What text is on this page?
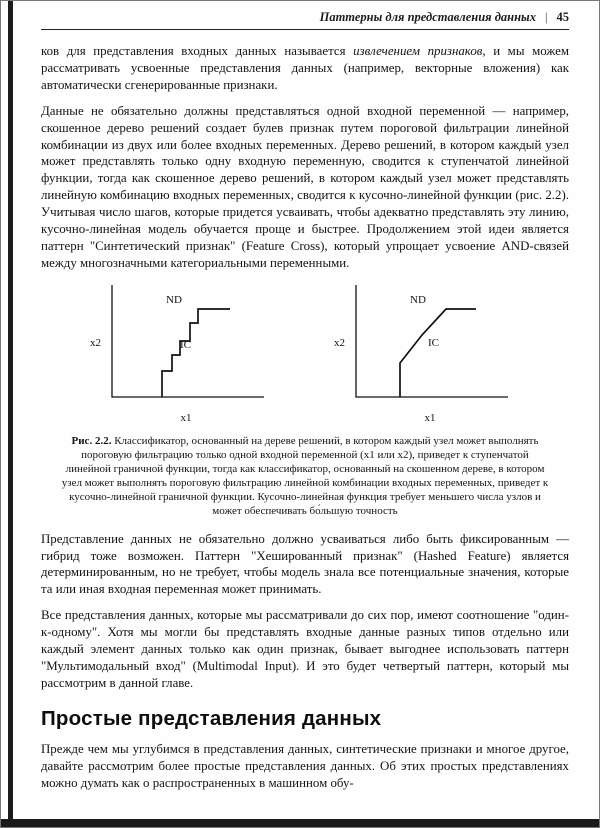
Паттерны для представления данных | 45

ков для представления входных данных называется извлечением признаков, и мы можем рассматривать усвоенные представления данных (например, векторные вложения) как автоматически сгенерированные признаки.

Данные не обязательно должны представляться одной входной переменной — например, скошенное дерево решений создает булев признак путем пороговой фильтрации линейной комбинации из двух или более входных переменных. Дерево решений, в котором каждый узел может представлять только одну входную переменную, сводится к ступенчатой линейной функции, тогда как скошенное дерево решений, в котором каждый узел может представлять линейную комбинацию входных переменных, сводится к кусочно-линейной функции (рис. 2.2). Учитывая число шагов, которые придется усваивать, чтобы адекватно представлять эту линию, кусочно-линейная модель обучается проще и быстрее. Продолжением этой идеи является паттерн "Синтетический признак" (Feature Cross), который упрощает усвоение AND-связей между многозначными категориальными переменными.

x2
ND
IC
x1
x2
ND
IC
x1
Рис. 2.2. Классификатор, основанный на дереве решений, в котором каждый узел может выполнять пороговую фильтрацию только одной входной переменной (x1 или x2), приведет к ступенчатой линейной граничной функции, тогда как классификатор, основанный на скошенном дереве, в котором узел может выполнять пороговую фильтрацию линейной комбинации входных переменных, приведет к кусочно-линейной граничной функции. Кусочно-линейная функция требует меньшего числа узлов и может обеспечивать бо́льшую точность

Представление данных не обязательно должно усваиваться либо быть фиксированным — гибрид тоже возможен. Паттерн "Хешированный признак" (Hashed Feature) является детерминированным, но не требует, чтобы модель знала все потенциальные значения, которые та или иная входная переменная может принимать.

Все представления данных, которые мы рассматривали до сих пор, имеют соотношение "один-к-одному". Хотя мы могли бы представлять входные данные разных типов отдельно или каждый элемент данных только как один признак, бывает выгоднее использовать паттерн "Мультимодальный вход" (Multimodal Input). И это будет четвертый паттерн, который мы рассмотрим в данной главе.

Простые представления данных

Прежде чем мы углубимся в представления данных, синтетические признаки и многое другое, давайте рассмотрим более простые представления данных. Об этих простых представлениях можно думать как о распространенных в машинном обу-
